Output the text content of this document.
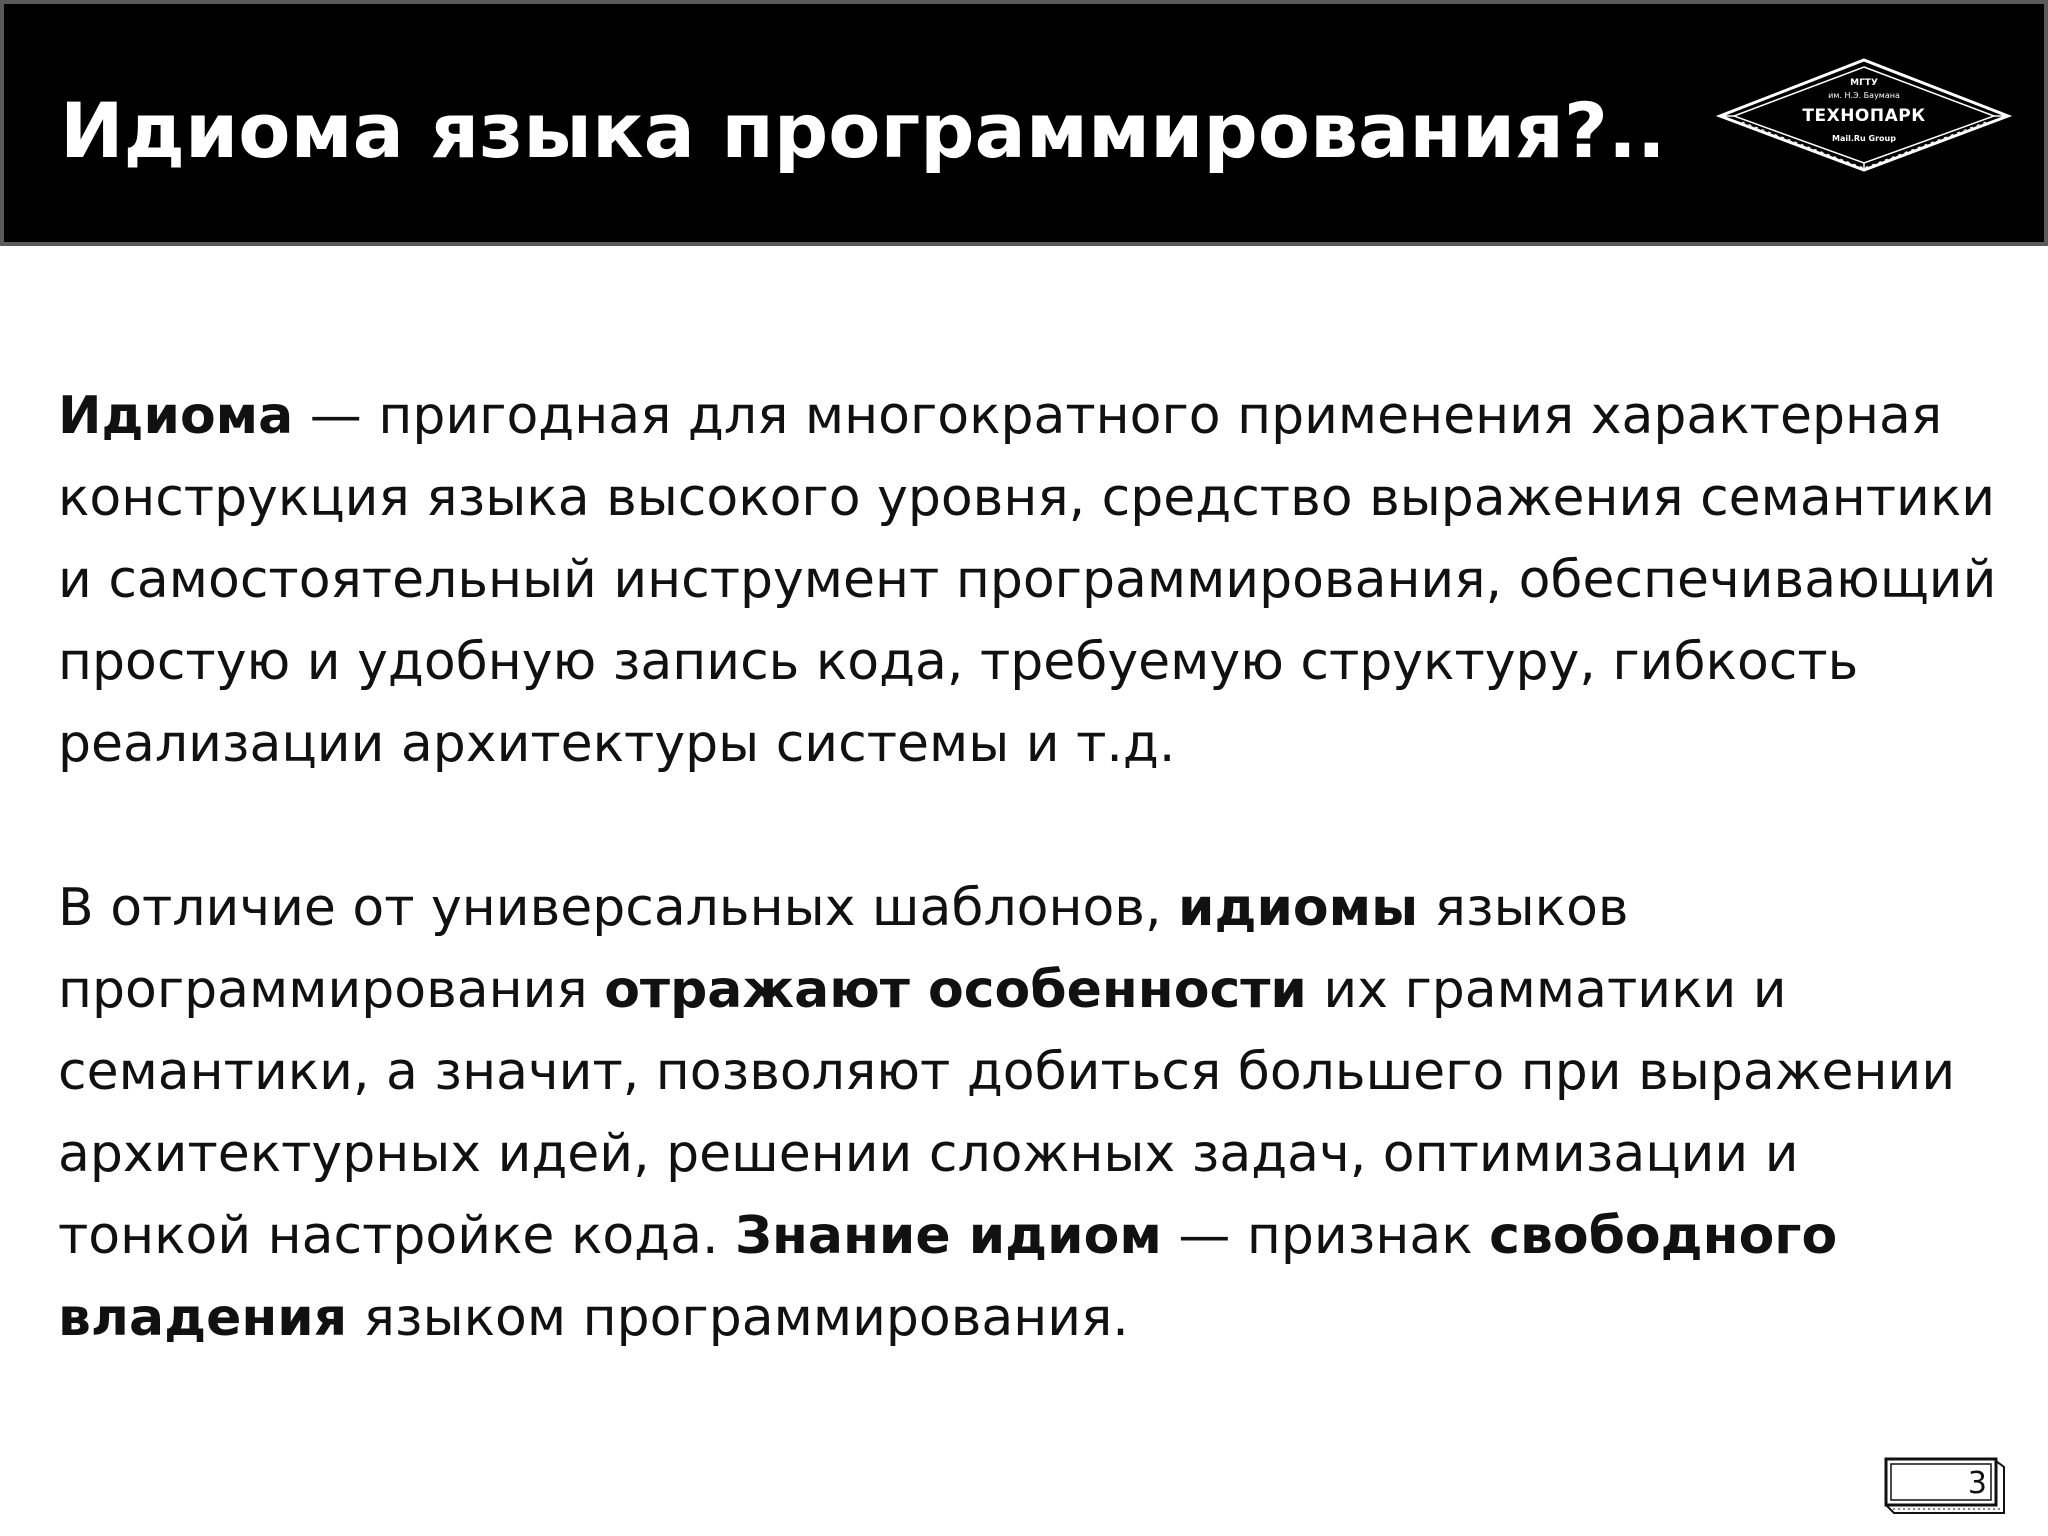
Идиома языка программирования?..
МГТУ
им. Н.Э. Баумана
ТЕХНОПАРК
Mail.Ru Group

Идиома — пригодная для многократного применения характерная конструкция языка высокого уровня, средство выражения семантики и самостоятельный инструмент программирования, обеспечивающий простую и удобную запись кода, требуемую структуру, гибкость реализации архитектуры системы и т.д.

В отличие от универсальных шаблонов, идиомы языков программирования отражают особенности их грамматики и семантики, а значит, позволяют добиться большего при выражении архитектурных идей, решении сложных задач, оптимизации и тонкой настройке кода. Знание идиом — признак свободного владения языком программирования.

3
